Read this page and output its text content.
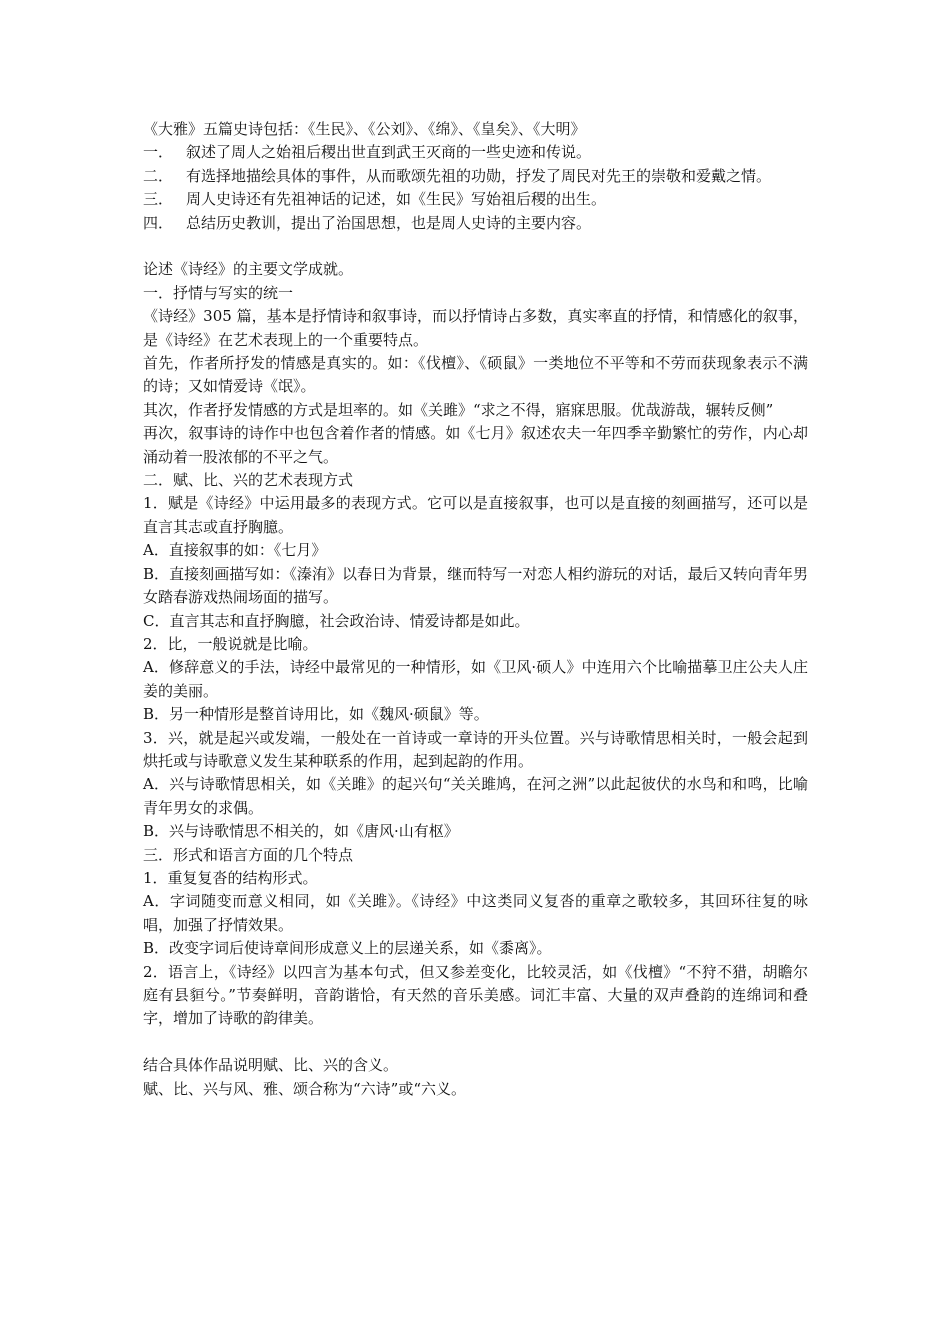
《大雅》五篇史诗包括：《生民》、《公刘》、《绵》、《皇矣》、《大明》

一． 叙述了周人之始祖后稷出世直到武王灭商的一些史迹和传说。

二． 有选择地描绘具体的事件，从而歌颂先祖的功勋，抒发了周民对先王的崇敬和爱戴之情。

三． 周人史诗还有先祖神话的记述，如《生民》写始祖后稷的出生。

四． 总结历史教训，提出了治国思想，也是周人史诗的主要内容。

论述《诗经》的主要文学成就。

一．抒情与写实的统一

《诗经》305 篇，基本是抒情诗和叙事诗，而以抒情诗占多数，真实率直的抒情，和情感化的叙事，是《诗经》在艺术表现上的一个重要特点。

首先，作者所抒发的情感是真实的。如：《伐檀》、《硕鼠》一类地位不平等和不劳而获现象表示不满的诗；又如情爱诗《氓》。

其次，作者抒发情感的方式是坦率的。如《关雎》“求之不得，寤寐思服。优哉游哉，辗转反侧”

再次，叙事诗的诗作中也包含着作者的情感。如《七月》叙述农夫一年四季辛勤繁忙的劳作，内心却涌动着一股浓郁的不平之气。

二．赋、比、兴的艺术表现方式

1．赋是《诗经》中运用最多的表现方式。它可以是直接叙事，也可以是直接的刻画描写，还可以是直言其志或直抒胸臆。

A．直接叙事的如：《七月》

B．直接刻画描写如：《溱洧》以春日为背景，继而特写一对恋人相约游玩的对话，最后又转向青年男女踏春游戏热闹场面的描写。

C．直言其志和直抒胸臆，社会政治诗、情爱诗都是如此。

2．比，一般说就是比喻。

A．修辞意义的手法，诗经中最常见的一种情形，如《卫风·硕人》中连用六个比喻描摹卫庄公夫人庄姜的美丽。

B．另一种情形是整首诗用比，如《魏风·硕鼠》等。

3．兴，就是起兴或发端，一般处在一首诗或一章诗的开头位置。兴与诗歌情思相关时，一般会起到烘托或与诗歌意义发生某种联系的作用，起到起韵的作用。

A．兴与诗歌情思相关，如《关雎》的起兴句“关关雎鸠，在河之洲”以此起彼伏的水鸟和和鸣，比喻青年男女的求偶。

B．兴与诗歌情思不相关的，如《唐风·山有枢》

三．形式和语言方面的几个特点

1．重复复沓的结构形式。

A．字词随变而意义相同，如《关雎》。《诗经》中这类同义复沓的重章之歌较多，其回环往复的咏唱，加强了抒情效果。

B．改变字词后使诗章间形成意义上的层递关系，如《黍离》。

2．语言上，《诗经》以四言为基本句式，但又参差变化，比较灵活，如《伐檀》“不狩不猎，胡瞻尔庭有县貆兮。”节奏鲜明，音韵谐恰，有天然的音乐美感。词汇丰富、大量的双声叠韵的连绵词和叠字，增加了诗歌的韵律美。

结合具体作品说明赋、比、兴的含义。

赋、比、兴与风、雅、颂合称为“六诗”或“六义。
